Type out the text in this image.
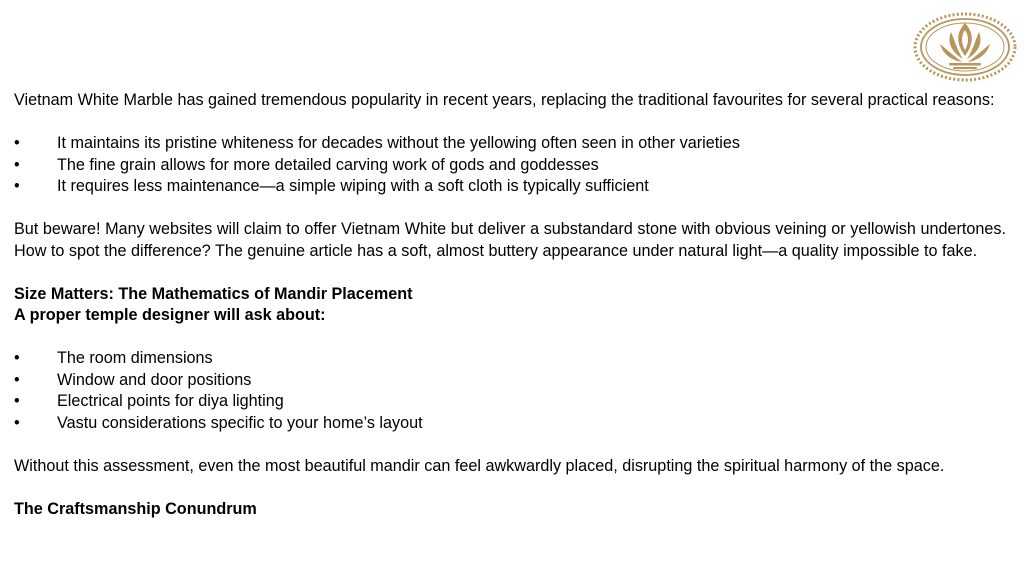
Vietnam White Marble has gained tremendous popularity in recent years, replacing the traditional favourites for several practical reasons:

• It maintains its pristine whiteness for decades without the yellowing often seen in other varieties
• The fine grain allows for more detailed carving work of gods and goddesses
• It requires less maintenance—a simple wiping with a soft cloth is typically sufficient

But beware! Many websites will claim to offer Vietnam White but deliver a substandard stone with obvious veining or yellowish undertones. How to spot the difference? The genuine article has a soft, almost buttery appearance under natural light—a quality impossible to fake.

Size Matters: The Mathematics of Mandir Placement

A proper temple designer will ask about:

• The room dimensions
• Window and door positions
• Electrical points for diya lighting
• Vastu considerations specific to your home’s layout

Without this assessment, even the most beautiful mandir can feel awkwardly placed, disrupting the spiritual harmony of the space.

The Craftsmanship Conundrum
